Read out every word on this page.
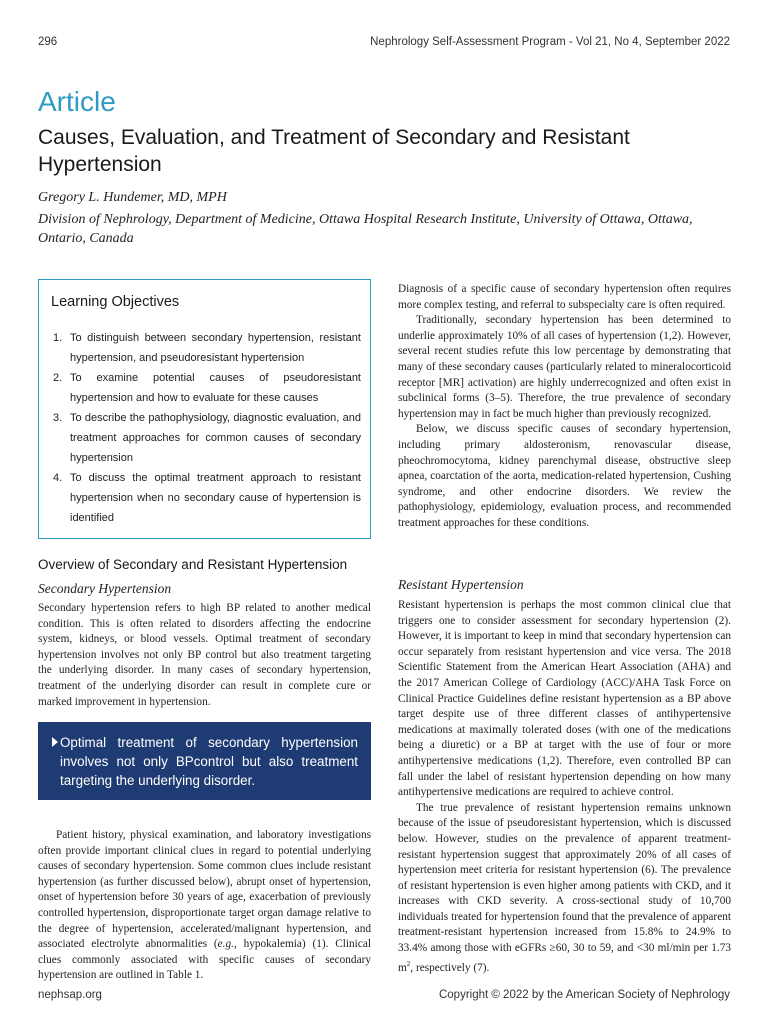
296	Nephrology Self-Assessment Program - Vol 21, No 4, September 2022
Article
Causes, Evaluation, and Treatment of Secondary and Resistant Hypertension
Gregory L. Hundemer, MD, MPH
Division of Nephrology, Department of Medicine, Ottawa Hospital Research Institute, University of Ottawa, Ottawa, Ontario, Canada
Learning Objectives
1. To distinguish between secondary hypertension, resistant hypertension, and pseudoresistant hypertension
2. To examine potential causes of pseudoresistant hypertension and how to evaluate for these causes
3. To describe the pathophysiology, diagnostic evaluation, and treatment approaches for common causes of secondary hypertension
4. To discuss the optimal treatment approach to resistant hypertension when no secondary cause of hypertension is identified
Overview of Secondary and Resistant Hypertension
Secondary Hypertension

Secondary hypertension refers to high BP related to another medical condition. This is often related to disorders affecting the endocrine system, kidneys, or blood vessels. Optimal treatment of secondary hypertension involves not only BP control but also treatment targeting the underlying disorder. In many cases of secondary hypertension, treatment of the underlying disorder can result in complete cure or marked improvement in hypertension.

Optimal treatment of secondary hypertension involves not only BPcontrol but also treatment targeting the underlying disorder.

Patient history, physical examination, and laboratory investigations often provide important clinical clues in regard to potential underlying causes of secondary hypertension. Some common clues include resistant hypertension (as further discussed below), abrupt onset of hypertension, onset of hypertension before 30 years of age, exacerbation of previously controlled hypertension, disproportionate target organ damage relative to the degree of hypertension, accelerated/malignant hypertension, and associated electrolyte abnormalities (e.g., hypokalemia) (1). Clinical clues commonly associated with specific causes of secondary hypertension are outlined in Table 1.

Diagnosis of a specific cause of secondary hypertension often requires more complex testing, and referral to subspecialty care is often required.

Traditionally, secondary hypertension has been determined to underlie approximately 10% of all cases of hypertension (1,2). However, several recent studies refute this low percentage by demonstrating that many of these secondary causes (particularly related to mineralocorticoid receptor [MR] activation) are highly underrecognized and often exist in subclinical forms (3–5). Therefore, the true prevalence of secondary hypertension may in fact be much higher than previously recognized.

Below, we discuss specific causes of secondary hypertension, including primary aldosteronism, renovascular disease, pheochromocytoma, kidney parenchymal disease, obstructive sleep apnea, coarctation of the aorta, medication-related hypertension, Cushing syndrome, and other endocrine disorders. We review the pathophysiology, epidemiology, evaluation process, and recommended treatment approaches for these conditions.

Resistant Hypertension

Resistant hypertension is perhaps the most common clinical clue that triggers one to consider assessment for secondary hypertension (2). However, it is important to keep in mind that secondary hypertension can occur separately from resistant hypertension and vice versa. The 2018 Scientific Statement from the American Heart Association (AHA) and the 2017 American College of Cardiology (ACC)/AHA Task Force on Clinical Practice Guidelines define resistant hypertension as a BP above target despite use of three different classes of antihypertensive medications at maximally tolerated doses (with one of the medications being a diuretic) or a BP at target with the use of four or more antihypertensive medications (1,2). Therefore, even controlled BP can fall under the label of resistant hypertension depending on how many antihypertensive medications are required to achieve control.

The true prevalence of resistant hypertension remains unknown because of the issue of pseudoresistant hypertension, which is discussed below. However, studies on the prevalence of apparent treatment-resistant hypertension suggest that approximately 20% of all cases of hypertension meet criteria for resistant hypertension (6). The prevalence of resistant hypertension is even higher among patients with CKD, and it increases with CKD severity. A cross-sectional study of 10,700 individuals treated for hypertension found that the prevalence of apparent treatment-resistant hypertension increased from 15.8% to 24.9% to 33.4% among those with eGFRs ≥60, 30 to 59, and <30 ml/min per 1.73 $m^2$, respectively (7).

nephsap.org	Copyright © 2022 by the American Society of Nephrology
